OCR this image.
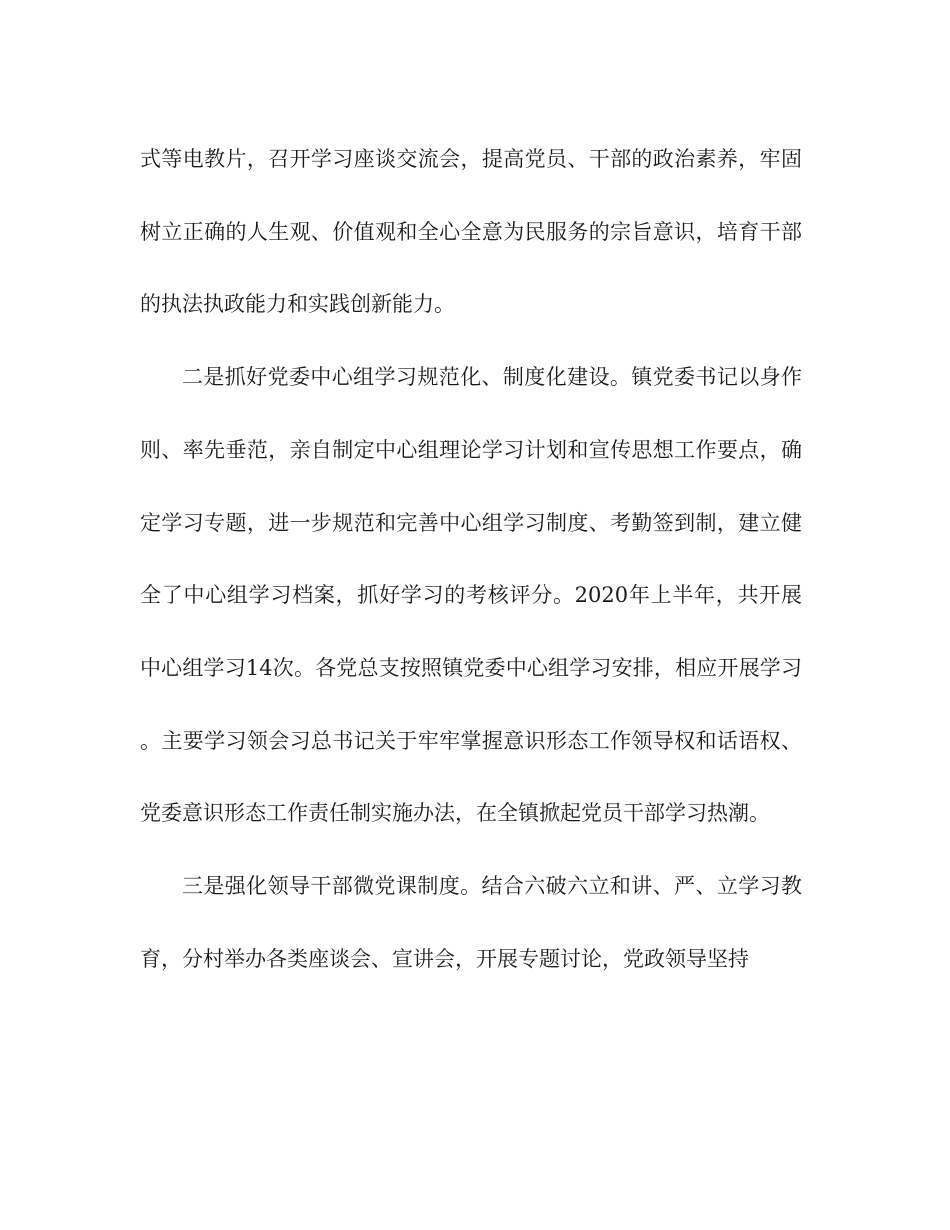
式等电教片，召开学习座谈交流会，提高党员、干部的政治素养，牢固树立正确的人生观、价值观和全心全意为民服务的宗旨意识，培育干部的执法执政能力和实践创新能力。

二是抓好党委中心组学习规范化、制度化建设。镇党委书记以身作则、率先垂范，亲自制定中心组理论学习计划和宣传思想工作要点，确定学习专题，进一步规范和完善中心组学习制度、考勤签到制，建立健全了中心组学习档案，抓好学习的考核评分。2020年上半年，共开展中心组学习14次。各党总支按照镇党委中心组学习安排，相应开展学习。主要学习领会习总书记关于牢牢掌握意识形态工作领导权和话语权、党委意识形态工作责任制实施办法，在全镇掀起党员干部学习热潮。

三是强化领导干部微党课制度。结合六破六立和讲、严、立学习教育，分村举办各类座谈会、宣讲会，开展专题讨论，党政领导坚持
